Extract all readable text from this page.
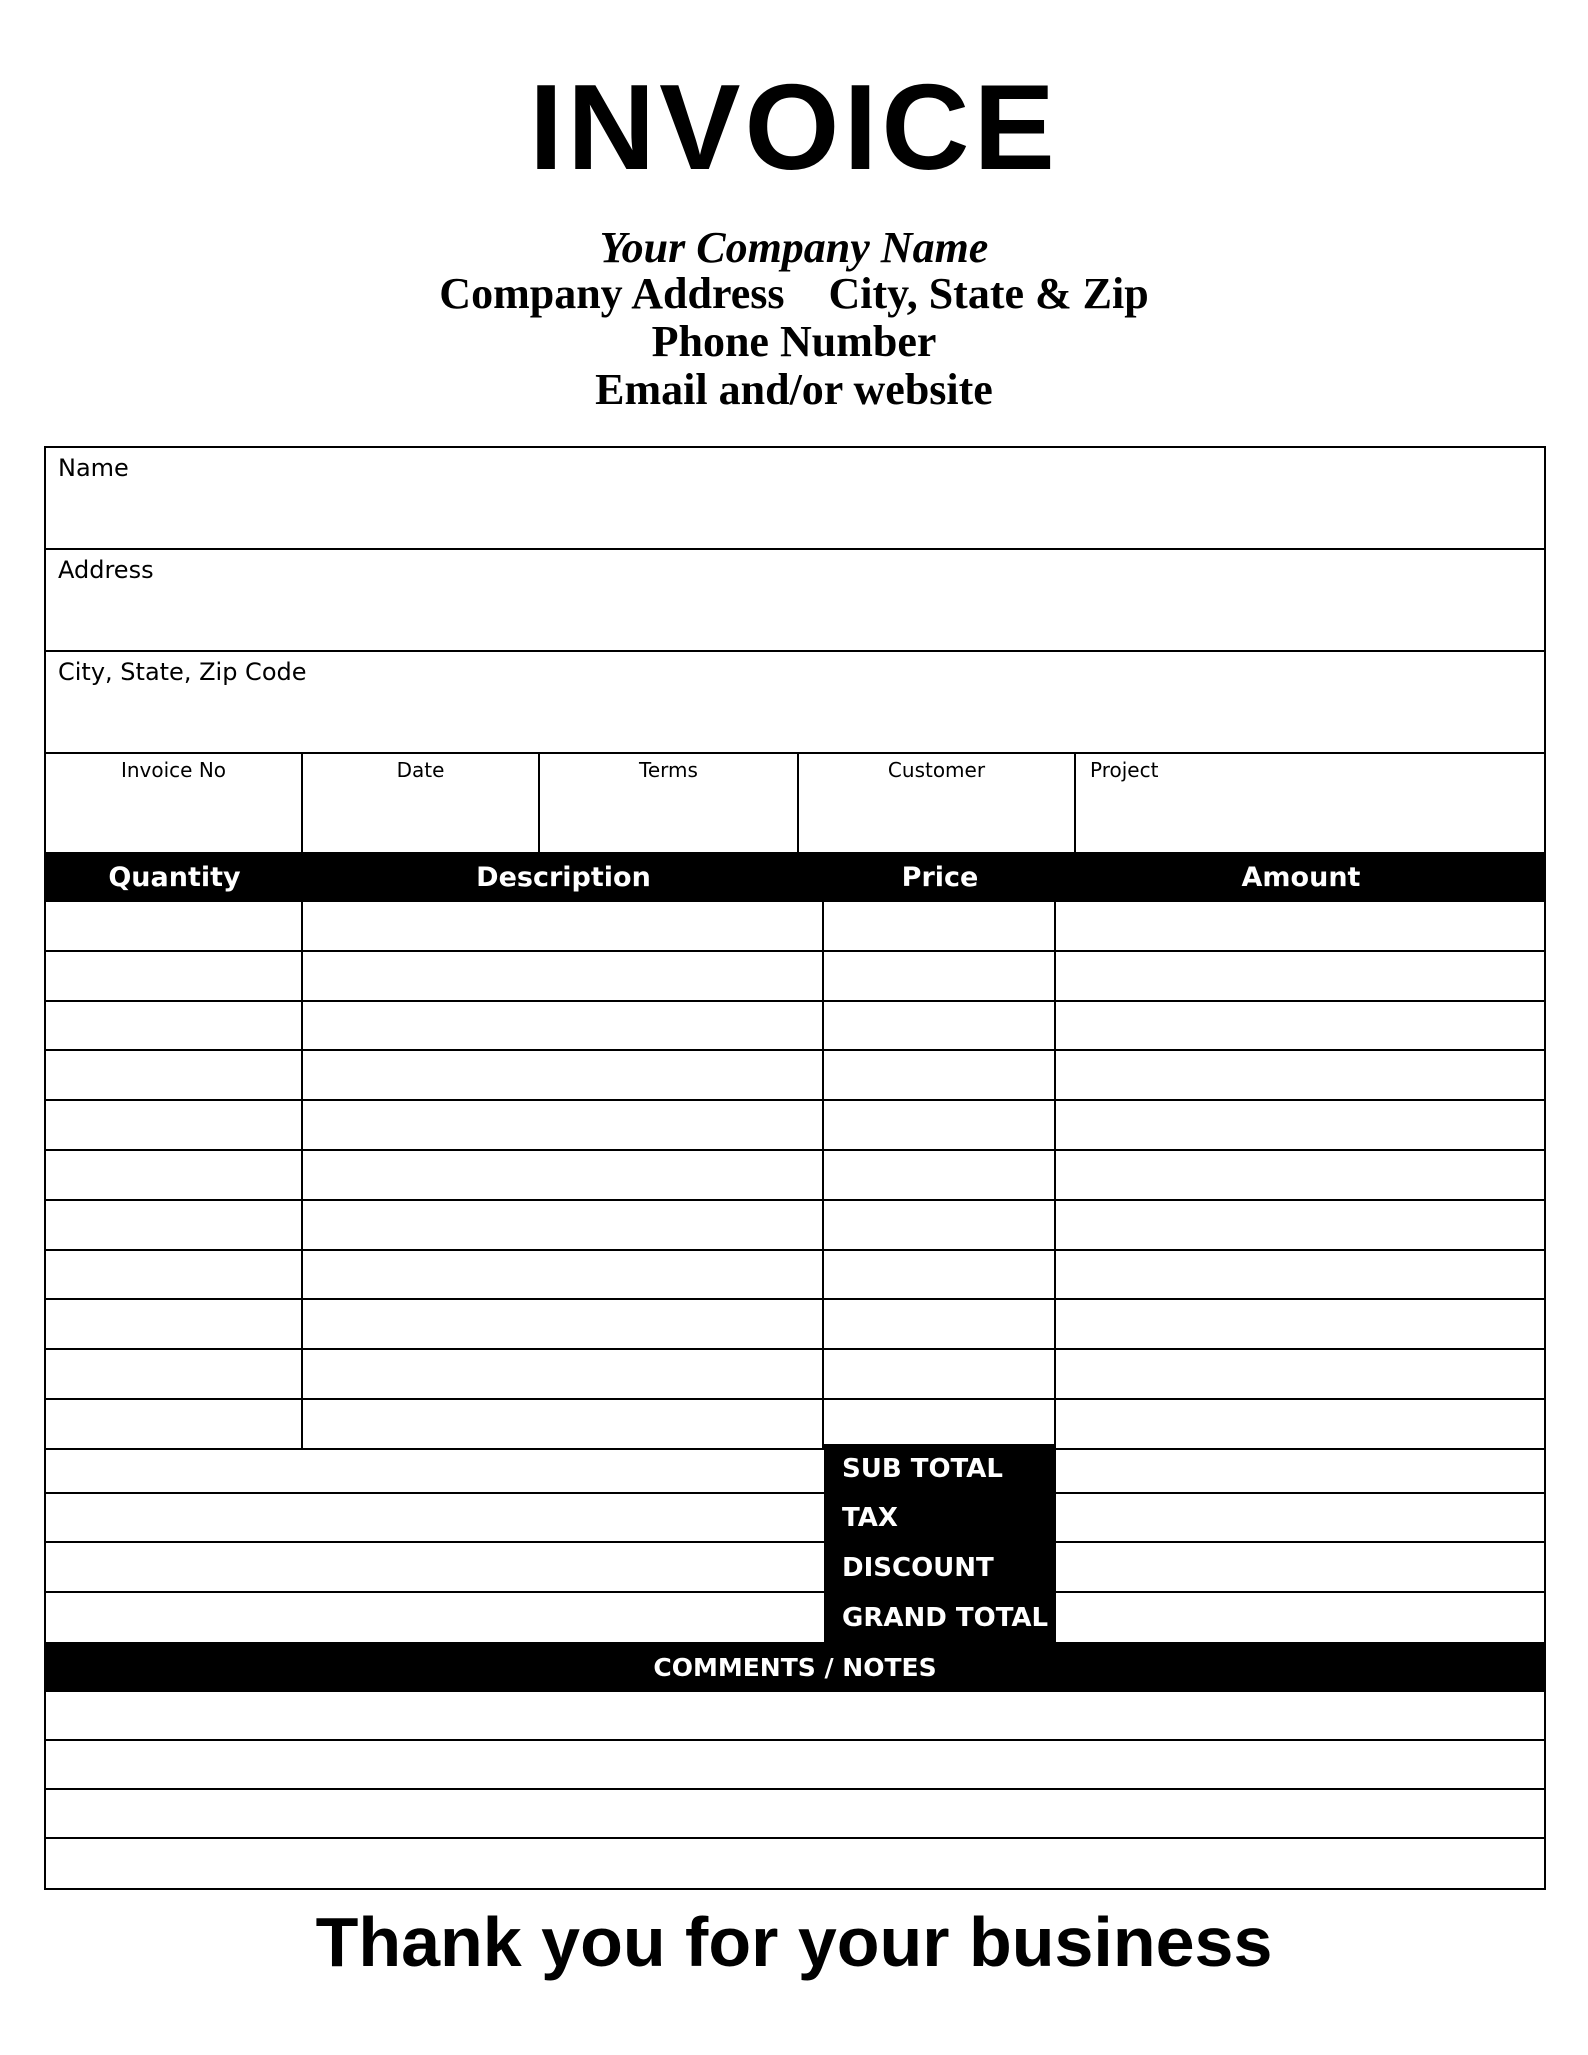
INVOICE
Your Company Name
Company Address City, State & Zip
Phone Number
Email and/or website
Name
Address
City, State, Zip Code
Invoice No	Date	Terms	Customer	Project
Quantity	Description	Price	Amount
SUB TOTAL
TAX
DISCOUNT
GRAND TOTAL
COMMENTS / NOTES
Thank you for your business
